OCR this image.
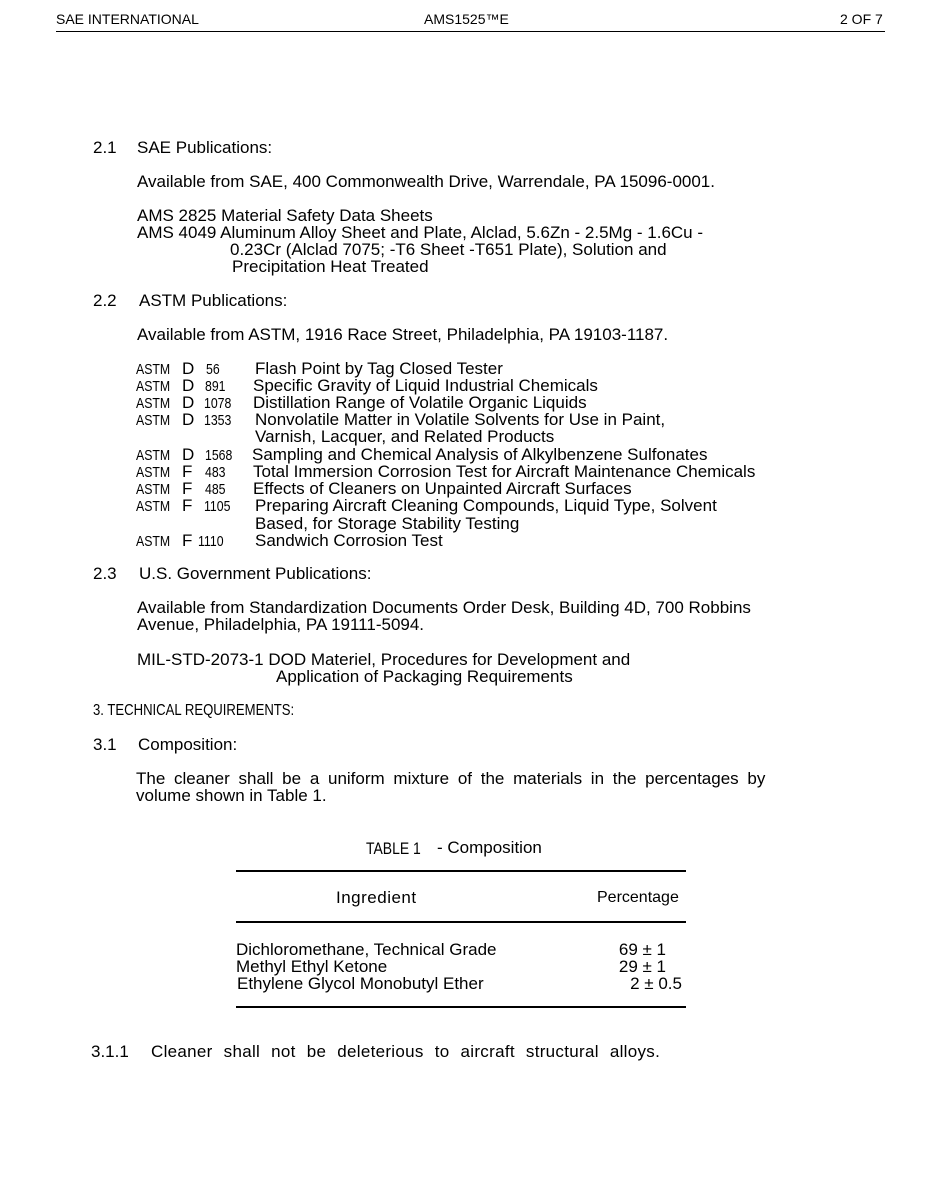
SAE INTERNATIONAL	AMS1525™E	2 OF 7
2.1 SAE Publications:
Available from SAE, 400 Commonwealth Drive, Warrendale, PA 15096-0001.
AMS 2825 Material Safety Data Sheets
AMS 4049 Aluminum Alloy Sheet and Plate, Alclad, 5.6Zn - 2.5Mg - 1.6Cu -
0.23Cr (Alclad 7075; -T6 Sheet -T651 Plate), Solution and
Precipitation Heat Treated
2.2 ASTM Publications:
Available from ASTM, 1916 Race Street, Philadelphia, PA 19103-1187.
ASTM D 56 Flash Point by Tag Closed Tester
ASTM D 891 Specific Gravity of Liquid Industrial Chemicals
ASTM D 1078 Distillation Range of Volatile Organic Liquids
ASTM D 1353 Nonvolatile Matter in Volatile Solvents for Use in Paint,
Varnish, Lacquer, and Related Products
ASTM D 1568 Sampling and Chemical Analysis of Alkylbenzene Sulfonates
ASTM F 483 Total Immersion Corrosion Test for Aircraft Maintenance Chemicals
ASTM F 485 Effects of Cleaners on Unpainted Aircraft Surfaces
ASTM F 1105 Preparing Aircraft Cleaning Compounds, Liquid Type, Solvent
Based, for Storage Stability Testing
ASTM F 1110 Sandwich Corrosion Test
2.3 U.S. Government Publications:
Available from Standardization Documents Order Desk, Building 4D, 700 Robbins
Avenue, Philadelphia, PA 19111-5094.
MIL-STD-2073-1 DOD Materiel, Procedures for Development and
Application of Packaging Requirements
3. TECHNICAL REQUIREMENTS:
3.1 Composition:
The cleaner shall be a uniform mixture of the materials in the percentages by
volume shown in Table 1.
TABLE 1 - Composition
Ingredient	Percentage
Dichloromethane, Technical Grade	69 ± 1
Methyl Ethyl Ketone	29 ± 1
Ethylene Glycol Monobutyl Ether	2 ± 0.5
3.1.1 Cleaner shall not be deleterious to aircraft structural alloys.
